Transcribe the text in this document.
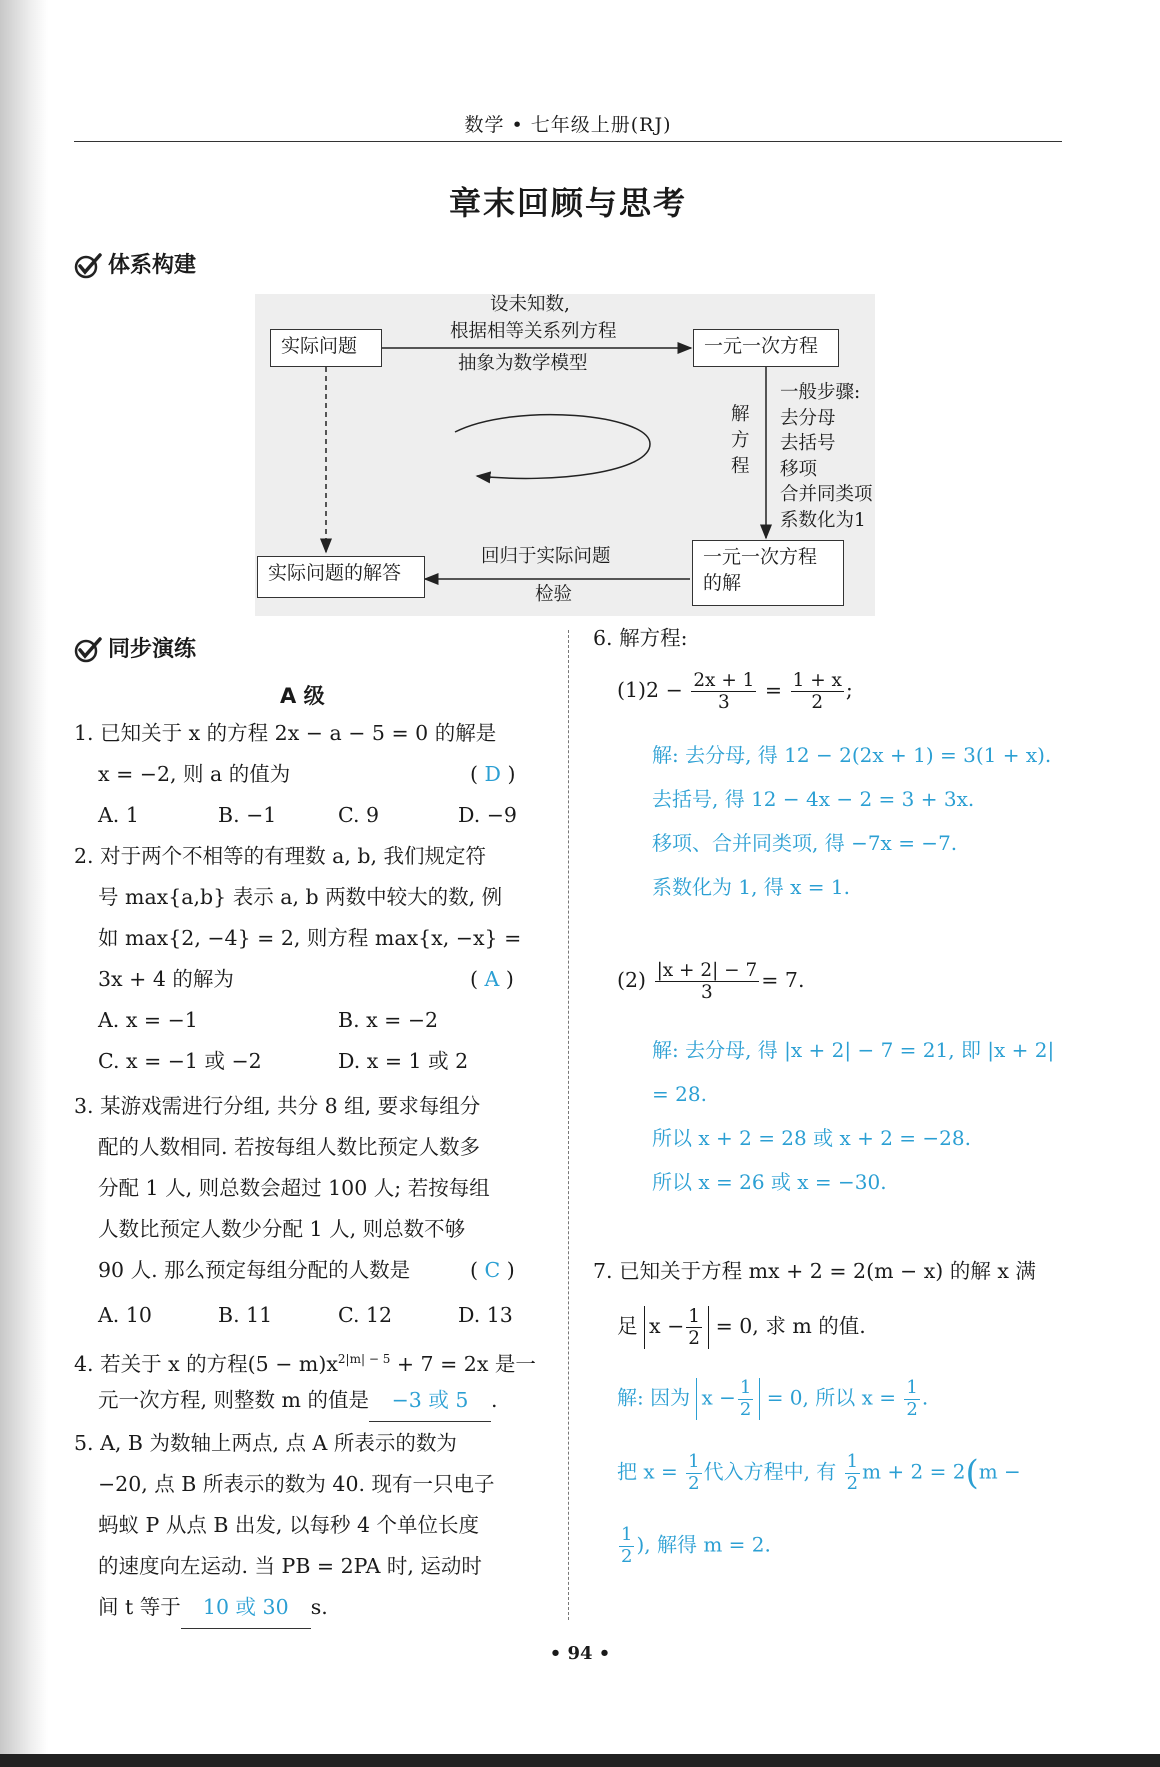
数学 • 七年级上册(RJ)
章末回顾与思考
体系构建
实际问题	一元一次方程
实际问题的解答
一元一次方程
的解
设未知数,
根据相等关系列方程
抽象为数学模型
解
方
程
一般步骤:
去分母
去括号
移项
合并同类项
系数化为1
回归于实际问题
检验
同步演练
A 级
1. 已知关于 x 的方程 2x − a − 5 = 0 的解是
x = −2, 则 a 的值为	( D )
A. 1	B. −1	C. 9	D. −9
2. 对于两个不相等的有理数 a, b, 我们规定符
号 max{a,b} 表示 a, b 两数中较大的数, 例
如 max{2, −4} = 2, 则方程 max{x, −x} =
3x + 4 的解为	( A )
A. x = −1	B. x = −2
C. x = −1 或 −2	D. x = 1 或 2
3. 某游戏需进行分组, 共分 8 组, 要求每组分
配的人数相同. 若按每组人数比预定人数多
分配 1 人, 则总数会超过 100 人; 若按每组
人数比预定人数少分配 1 人, 则总数不够
90 人. 那么预定每组分配的人数是	( C )
A. 10	B. 11	C. 12	D. 13
4. 若关于 x 的方程$(5 - m)x^{2|m| - 5} + 7 = 2x$ 是一
元一次方程, 则整数 m 的值是 −3 或 5 .
5. A, B 为数轴上两点, 点 A 所表示的数为
−20, 点 B 所表示的数为 40. 现有一只电子
蚂蚁 P 从点 B 出发, 以每秒 4 个单位长度
的速度向左运动. 当 PB = 2PA 时, 运动时
间 t 等于 10 或 30 s.
6. 解方程:
$(1)2 - \frac{2x + 1}{3} = \frac{1 + x}{2}$ ;
解: 去分母, 得 12 − 2(2x + 1) = 3(1 + x).
去括号, 得 12 − 4x − 2 = 3 + 3x.
移项、合并同类项, 得 −7x = −7.
系数化为 1, 得 x = 1.
$(2) \frac{|x + 2| - 7}{3} = 7$.
解: 去分母, 得 |x + 2| − 7 = 21, 即 |x + 2|
= 28.
所以 x + 2 = 28 或 x + 2 = −28.
所以 x = 26 或 x = −30.
7. 已知关于方程 mx + 2 = 2(m − x) 的解 x 满
足 $x - \frac{1}{2} = 0$, 求 m 的值.
解: 因为 $x - \frac{1}{2} = 0$, 所以 $x = \frac{1}{2}$ .
把 $x = \frac{1}{2}$ 代入方程中, 有 $\frac{1}{2}$ m + 2 = 2(m −
$\frac{1}{2}$ ), 解得 m = 2.
• 94 •
